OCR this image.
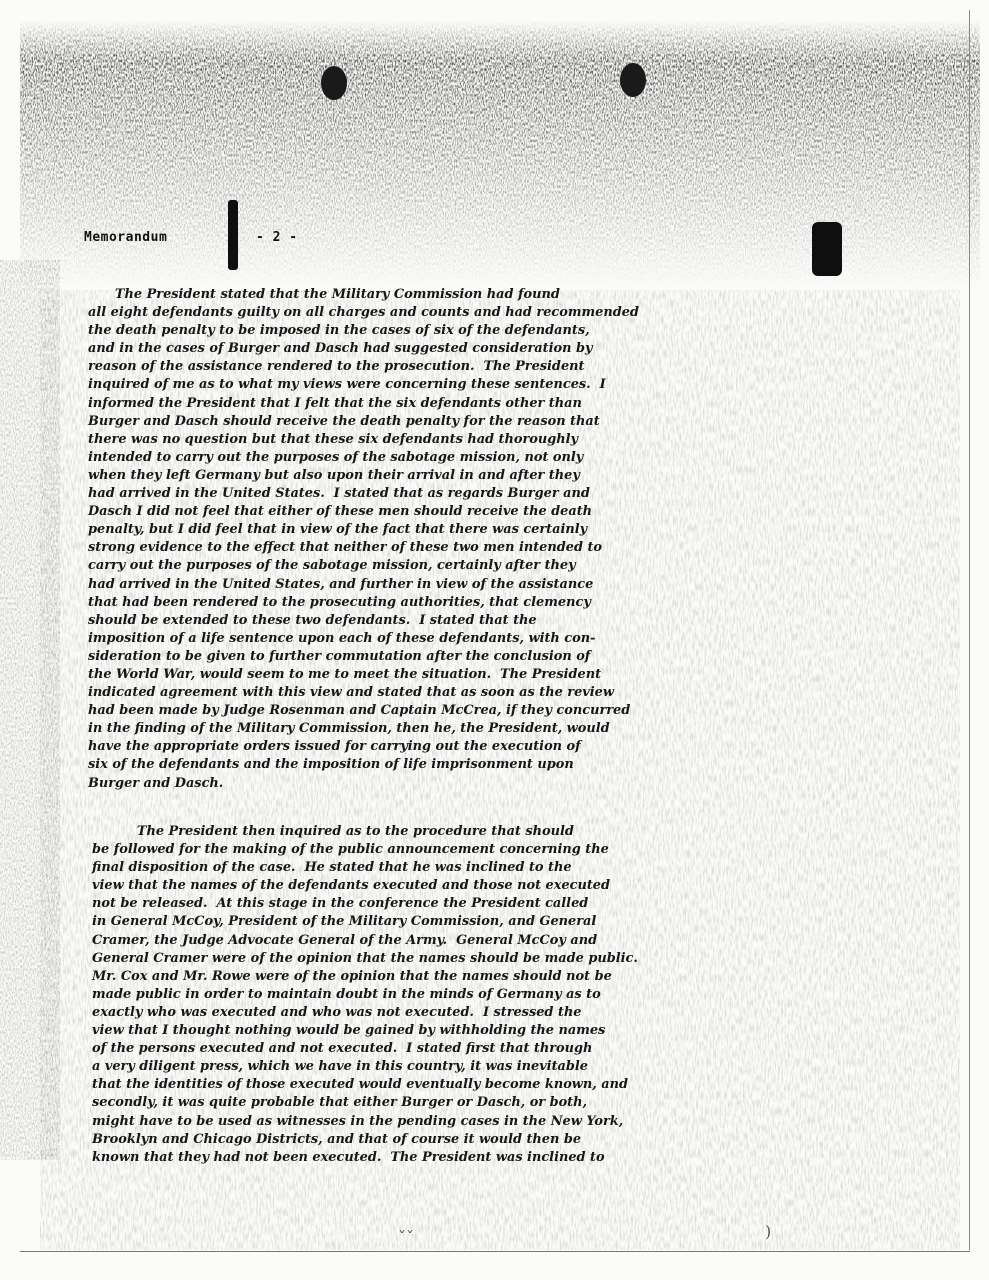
ˇˇ	)
Memorandum	- 2 -

The President stated that the Military Commission had found
all eight defendants guilty on all charges and counts and had recommended
the death penalty to be imposed in the cases of six of the defendants,
and in the cases of Burger and Dasch had suggested consideration by
reason of the assistance rendered to the prosecution.  The President
inquired of me as to what my views were concerning these sentences.  I
informed the President that I felt that the six defendants other than
Burger and Dasch should receive the death penalty for the reason that
there was no question but that these six defendants had thoroughly
intended to carry out the purposes of the sabotage mission, not only
when they left Germany but also upon their arrival in and after they
had arrived in the United States.  I stated that as regards Burger and
Dasch I did not feel that either of these men should receive the death
penalty, but I did feel that in view of the fact that there was certainly
strong evidence to the effect that neither of these two men intended to
carry out the purposes of the sabotage mission, certainly after they
had arrived in the United States, and further in view of the assistance
that had been rendered to the prosecuting authorities, that clemency
should be extended to these two defendants.  I stated that the
imposition of a life sentence upon each of these defendants, with con-
sideration to be given to further commutation after the conclusion of
the World War, would seem to me to meet the situation.  The President
indicated agreement with this view and stated that as soon as the review
had been made by Judge Rosenman and Captain McCrea, if they concurred
in the finding of the Military Commission, then he, the President, would
have the appropriate orders issued for carrying out the execution of
six of the defendants and the imposition of life imprisonment upon
Burger and Dasch.

The President then inquired as to the procedure that should
be followed for the making of the public announcement concerning the
final disposition of the case.  He stated that he was inclined to the
view that the names of the defendants executed and those not executed
not be released.  At this stage in the conference the President called
in General McCoy, President of the Military Commission, and General
Cramer, the Judge Advocate General of the Army.  General McCoy and
General Cramer were of the opinion that the names should be made public.
Mr. Cox and Mr. Rowe were of the opinion that the names should not be
made public in order to maintain doubt in the minds of Germany as to
exactly who was executed and who was not executed.  I stressed the
view that I thought nothing would be gained by withholding the names
of the persons executed and not executed.  I stated first that through
a very diligent press, which we have in this country, it was inevitable
that the identities of those executed would eventually become known, and
secondly, it was quite probable that either Burger or Dasch, or both,
might have to be used as witnesses in the pending cases in the New York,
Brooklyn and Chicago Districts, and that of course it would then be
known that they had not been executed.  The President was inclined to
